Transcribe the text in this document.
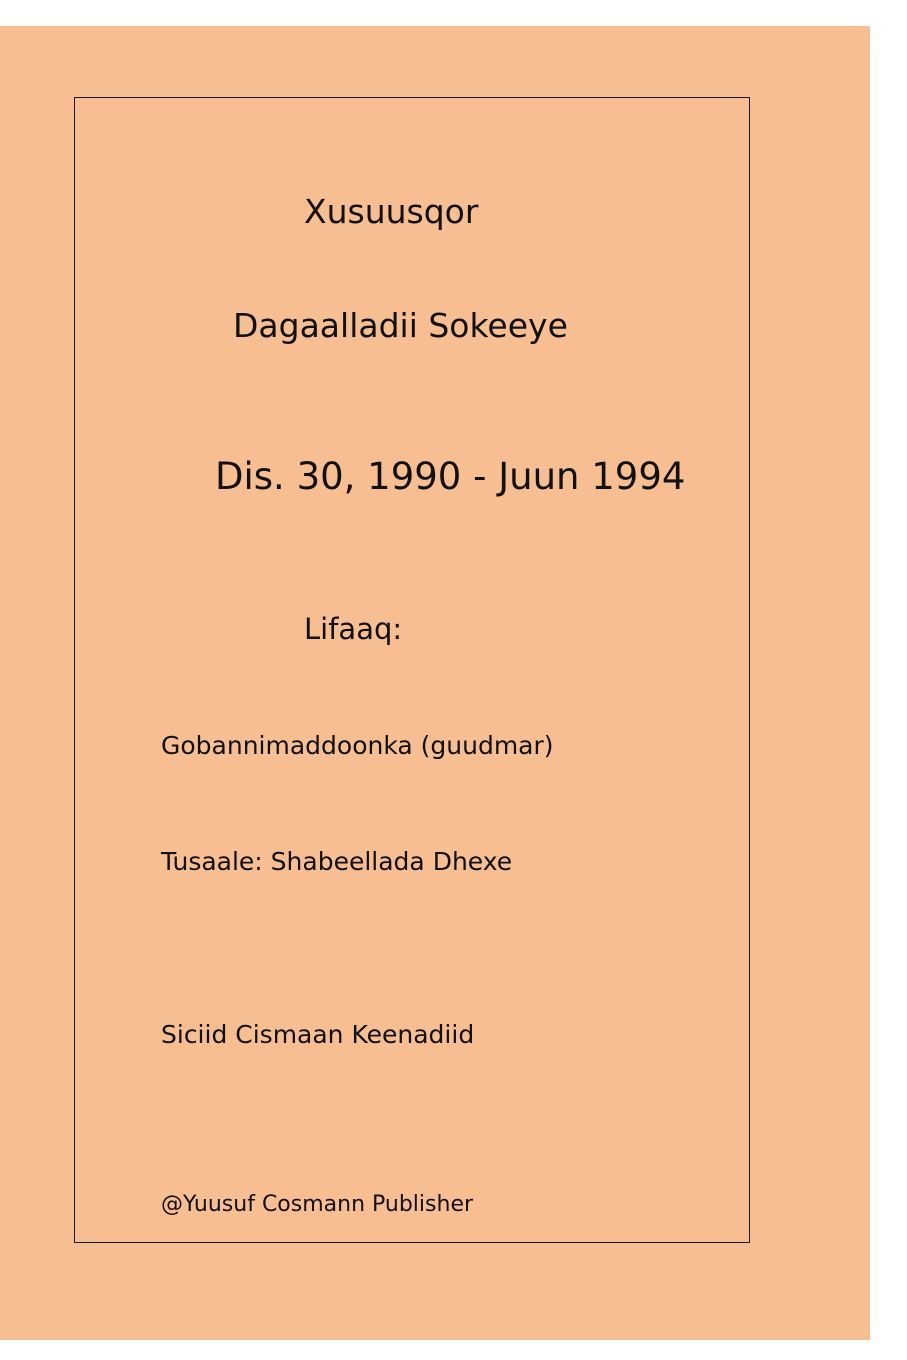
Xusuusqor
Dagaalladii Sokeeye
Dis. 30, 1990 - Juun 1994
Lifaaq:
Gobannimaddoonka (guudmar)
Tusaale: Shabeellada Dhexe
Siciid Cismaan Keenadiid
@Yuusuf Cosmann Publisher
